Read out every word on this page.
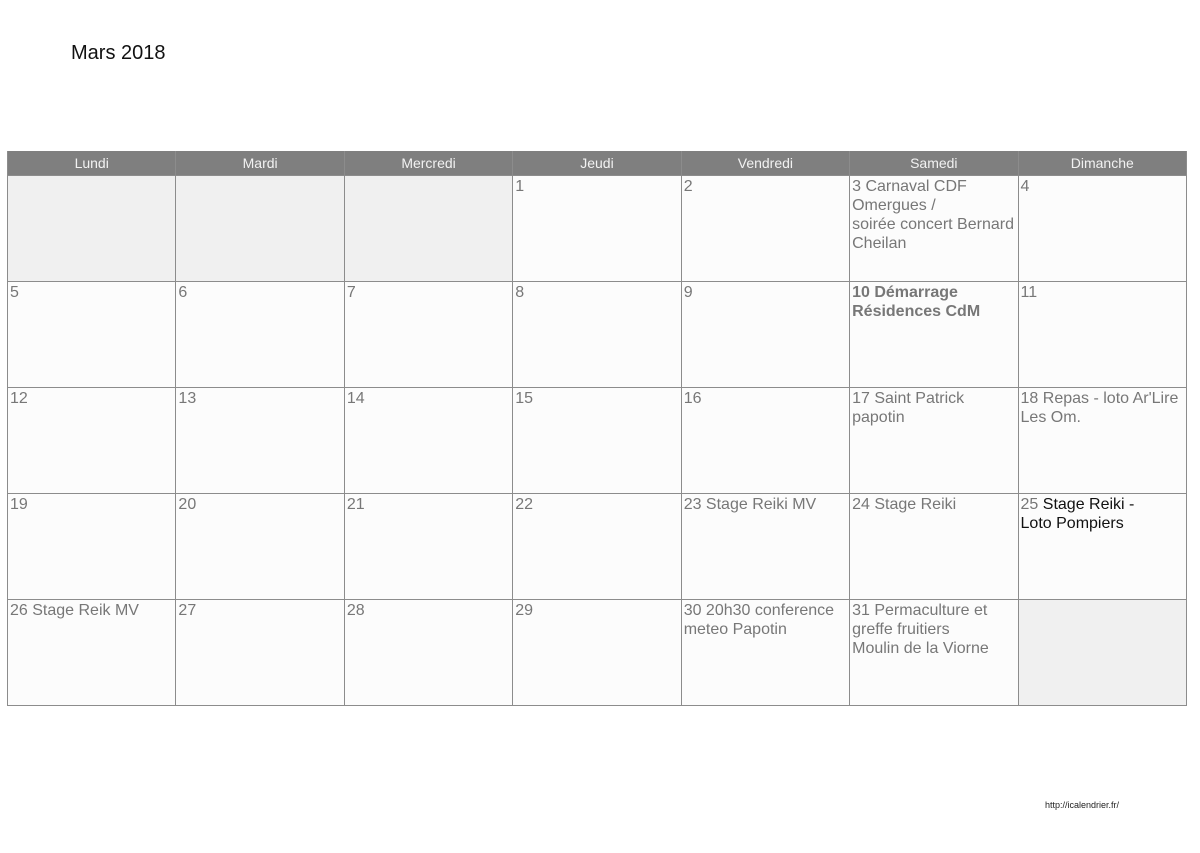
Mars 2018
Lundi	Mardi	Mercredi	Jeudi	Vendredi	Samedi	Dimanche

			1	2	3 Carnaval CDF
Omergues /
soirée concert Bernard
Cheilan	4

5	6	7	8	9	10 Démarrage
Résidences CdM	11

12	13	14	15	16	17 Saint Patrick
papotin	18 Repas - loto Ar'Lire
Les Om.

19	20	21	22	23 Stage Reiki MV	24 Stage Reiki	25 Stage Reiki -
Loto Pompiers

26 Stage Reik MV	27	28	29	30 20h30 conference
meteo Papotin	31 Permaculture et
greffe fruitiers
Moulin de la Viorne	

http://icalendrier.fr/
